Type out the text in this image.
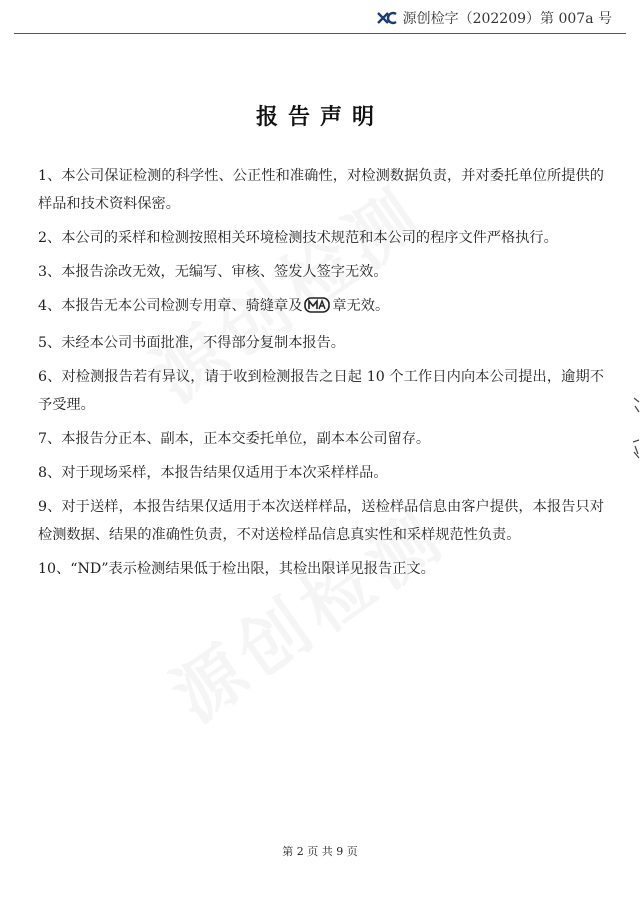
源创检字（202209）第 007a 号
报告声明

1、本公司保证检测的科学性、公正性和准确性，对检测数据负责，并对委托单位所提供的样品和技术资料保密。

2、本公司的采样和检测按照相关环境检测技术规范和本公司的程序文件严格执行。

3、本报告涂改无效，无编写、审核、签发人签字无效。

4、本报告无本公司检测专用章、骑缝章及 章无效。

5、未经本公司书面批准，不得部分复制本报告。

6、对检测报告若有异议，请于收到检测报告之日起 10 个工作日内向本公司提出，逾期不予受理。

7、本报告分正本、副本，正本交委托单位，副本本公司留存。

8、对于现场采样，本报告结果仅适用于本次采样样品。

9、对于送样，本报告结果仅适用于本次送样样品，送检样品信息由客户提供，本报告只对检测数据、结果的准确性负责，不对送检样品信息真实性和采样规范性负责。

10、“ND”表示检测结果低于检出限，其检出限详见报告正文。

第 2 页 共 9 页
